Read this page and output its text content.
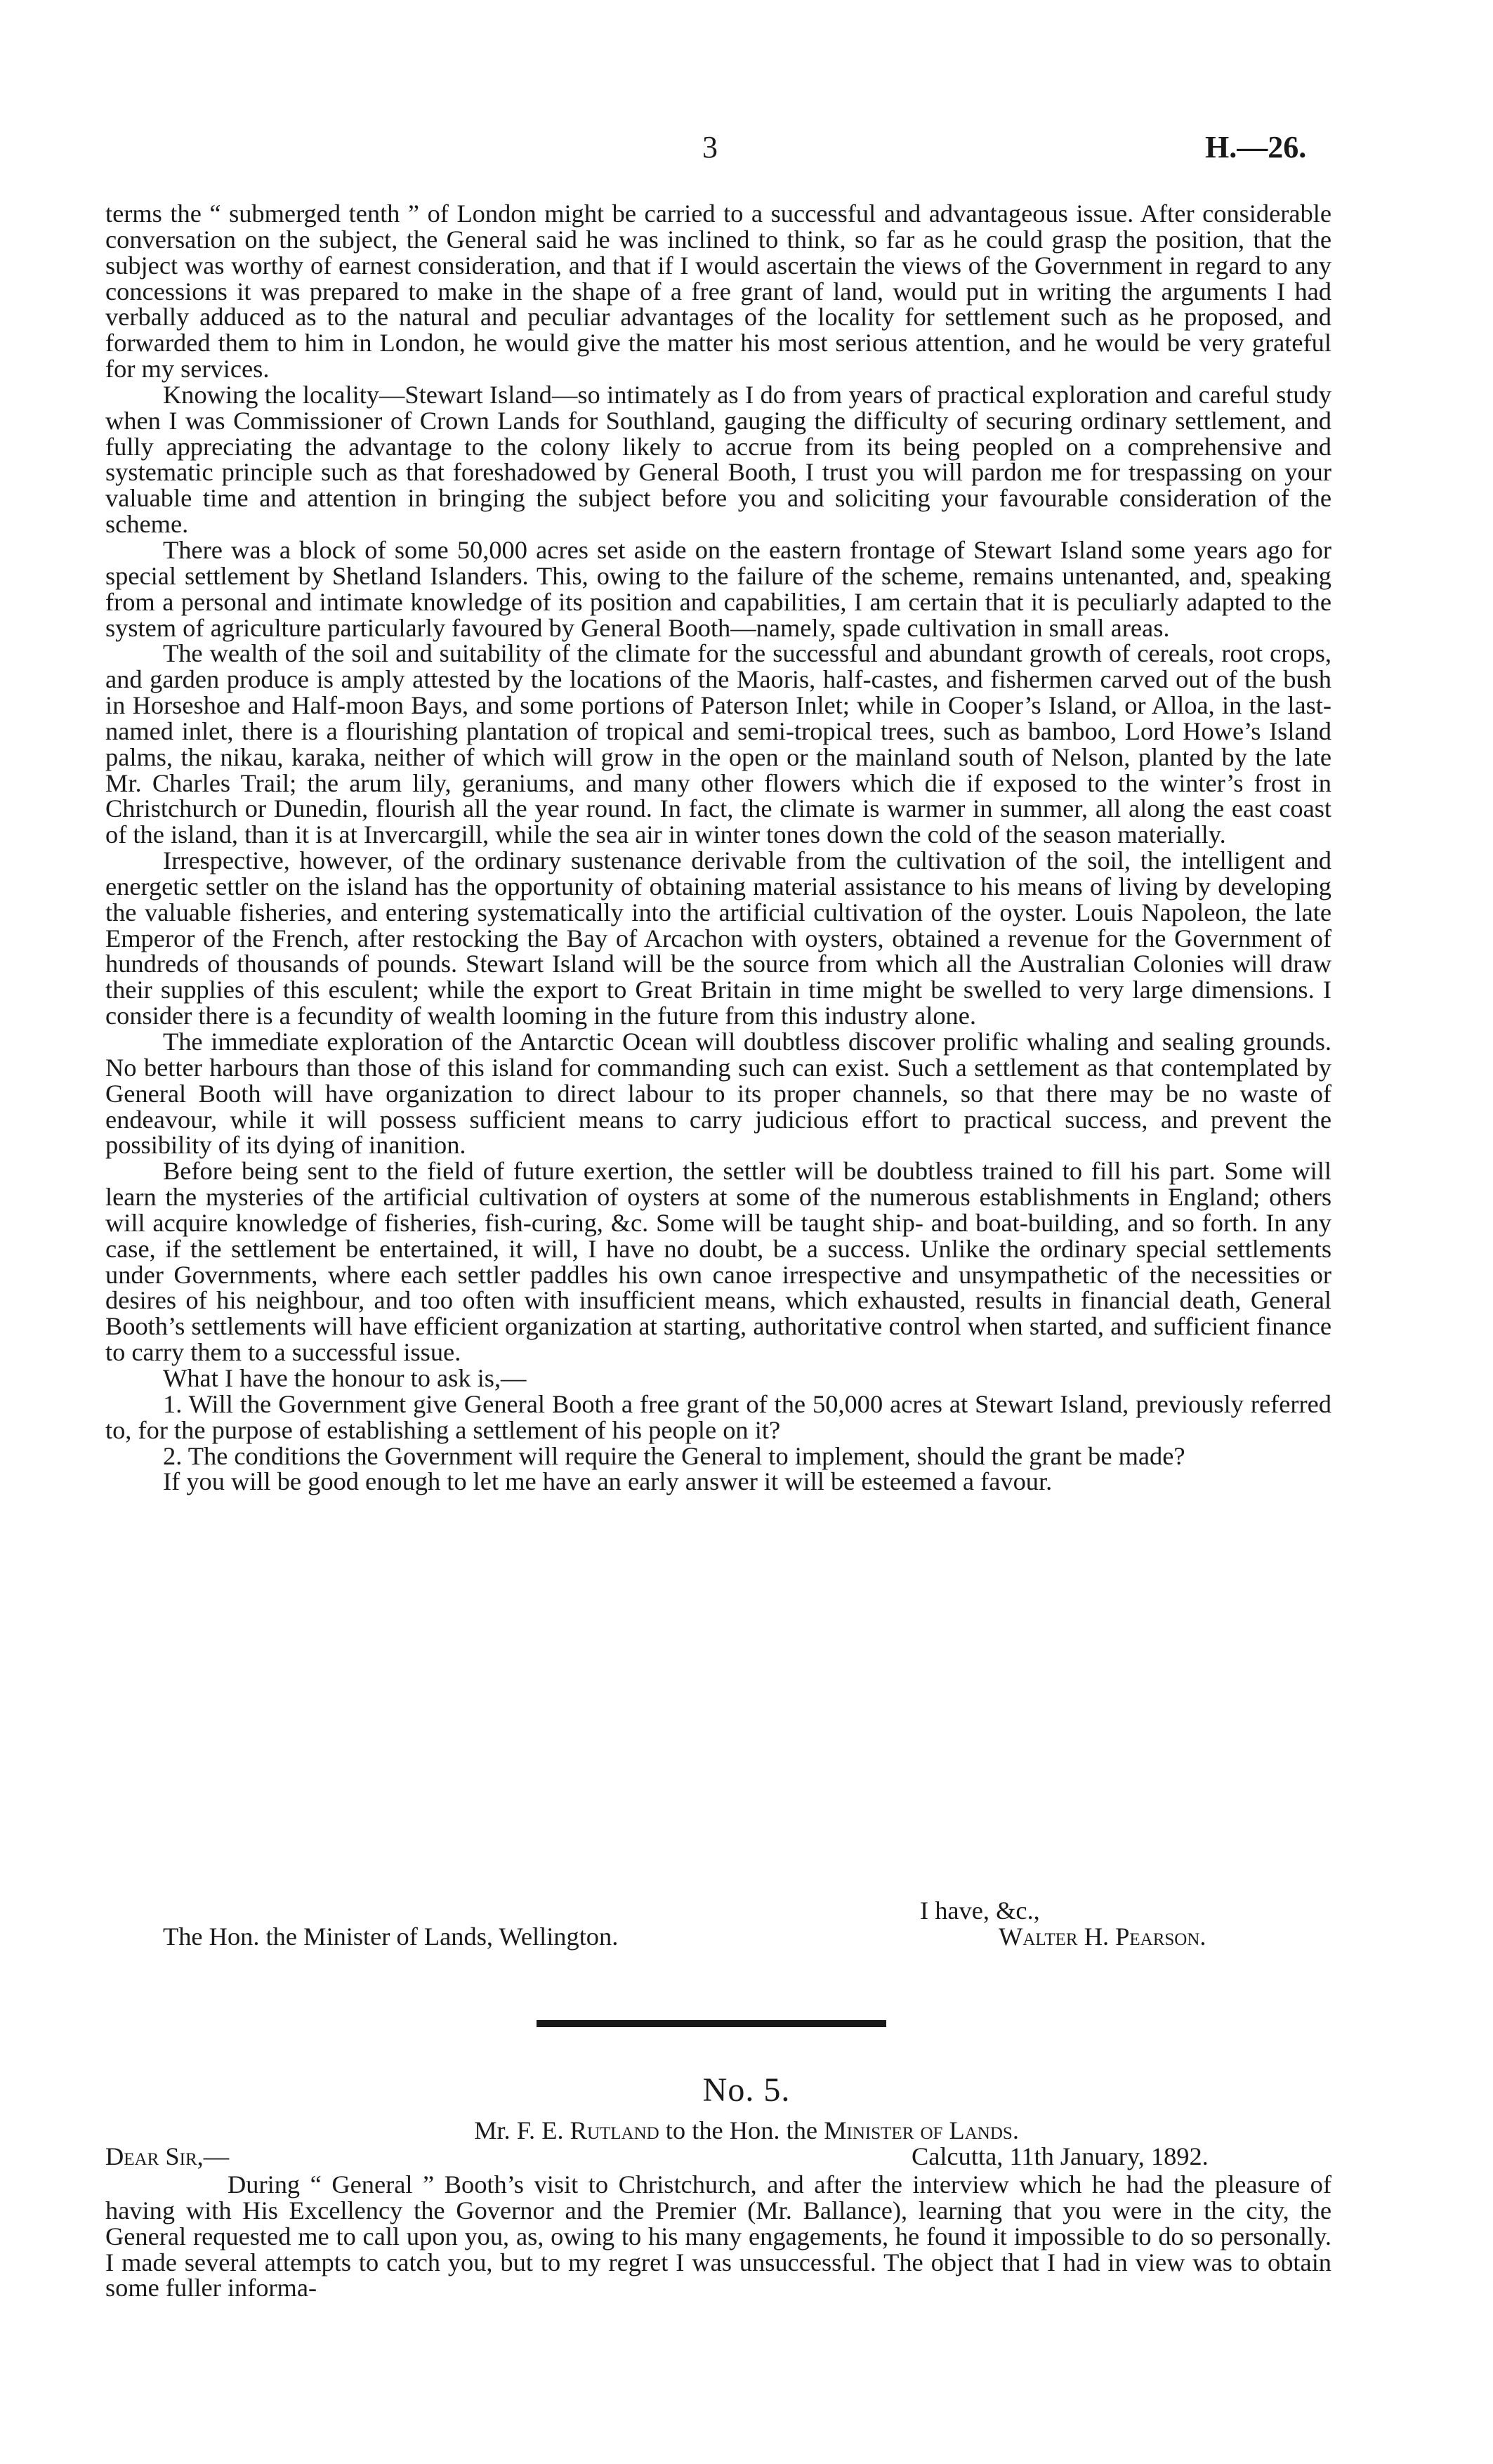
3	H.—26.

terms the “ submerged tenth ” of London might be carried to a successful and advantageous issue. After considerable conversation on the subject, the General said he was inclined to think, so far as he could grasp the position, that the subject was worthy of earnest consideration, and that if I would ascertain the views of the Government in regard to any concessions it was prepared to make in the shape of a free grant of land, would put in writing the arguments I had verbally adduced as to the natural and peculiar advantages of the locality for settlement such as he proposed, and forwarded them to him in London, he would give the matter his most serious attention, and he would be very grateful for my services.

Knowing the locality—Stewart Island—so intimately as I do from years of practical exploration and careful study when I was Commissioner of Crown Lands for Southland, gauging the difficulty of securing ordinary settlement, and fully appreciating the advantage to the colony likely to accrue from its being peopled on a comprehensive and systematic principle such as that foreshadowed by General Booth, I trust you will pardon me for trespassing on your valuable time and attention in bringing the subject before you and soliciting your favourable consideration of the scheme.

There was a block of some 50,000 acres set aside on the eastern frontage of Stewart Island some years ago for special settlement by Shetland Islanders. This, owing to the failure of the scheme, remains untenanted, and, speaking from a personal and intimate knowledge of its position and capabilities, I am certain that it is peculiarly adapted to the system of agriculture particularly favoured by General Booth—namely, spade cultivation in small areas.

The wealth of the soil and suitability of the climate for the successful and abundant growth of cereals, root crops, and garden produce is amply attested by the locations of the Maoris, half-castes, and fishermen carved out of the bush in Horseshoe and Half-moon Bays, and some portions of Paterson Inlet; while in Cooper’s Island, or Alloa, in the last-named inlet, there is a flourishing plantation of tropical and semi-tropical trees, such as bamboo, Lord Howe’s Island palms, the nikau, karaka, neither of which will grow in the open or the mainland south of Nelson, planted by the late Mr. Charles Trail; the arum lily, geraniums, and many other flowers which die if exposed to the winter’s frost in Christchurch or Dunedin, flourish all the year round. In fact, the climate is warmer in summer, all along the east coast of the island, than it is at Invercargill, while the sea air in winter tones down the cold of the season materially.

Irrespective, however, of the ordinary sustenance derivable from the cultivation of the soil, the intelligent and energetic settler on the island has the opportunity of obtaining material assistance to his means of living by developing the valuable fisheries, and entering systematically into the artificial cultivation of the oyster. Louis Napoleon, the late Emperor of the French, after restocking the Bay of Arcachon with oysters, obtained a revenue for the Government of hundreds of thousands of pounds. Stewart Island will be the source from which all the Australian Colonies will draw their supplies of this esculent; while the export to Great Britain in time might be swelled to very large dimensions. I consider there is a fecundity of wealth looming in the future from this industry alone.

The immediate exploration of the Antarctic Ocean will doubtless discover prolific whaling and sealing grounds. No better harbours than those of this island for commanding such can exist. Such a settlement as that contemplated by General Booth will have organization to direct labour to its proper channels, so that there may be no waste of endeavour, while it will possess sufficient means to carry judicious effort to practical success, and prevent the possibility of its dying of inanition.

Before being sent to the field of future exertion, the settler will be doubtless trained to fill his part. Some will learn the mysteries of the artificial cultivation of oysters at some of the numerous establishments in England; others will acquire knowledge of fisheries, fish-curing, &c. Some will be taught ship- and boat-building, and so forth. In any case, if the settlement be entertained, it will, I have no doubt, be a success. Unlike the ordinary special settlements under Governments, where each settler paddles his own canoe irrespective and unsympathetic of the necessities or desires of his neighbour, and too often with insufficient means, which exhausted, results in financial death, General Booth’s settlements will have efficient organization at starting, authoritative control when started, and sufficient finance to carry them to a successful issue.

What I have the honour to ask is,—

1. Will the Government give General Booth a free grant of the 50,000 acres at Stewart Island, previously referred to, for the purpose of establishing a settlement of his people on it?

2. The conditions the Government will require the General to implement, should the grant be made?

If you will be good enough to let me have an early answer it will be esteemed a favour.

I have, &c.,
The Hon. the Minister of Lands, Wellington.	Walter H. Pearson.
No. 5.
Mr. F. E. Rutland to the Hon. the Minister of Lands.
Dear Sir,—	Calcutta, 11th January, 1892.

During “ General ” Booth’s visit to Christchurch, and after the interview which he had the pleasure of having with His Excellency the Governor and the Premier (Mr. Ballance), learning that you were in the city, the General requested me to call upon you, as, owing to his many engagements, he found it impossible to do so personally. I made several attempts to catch you, but to my regret I was unsuccessful. The object that I had in view was to obtain some fuller informa-
